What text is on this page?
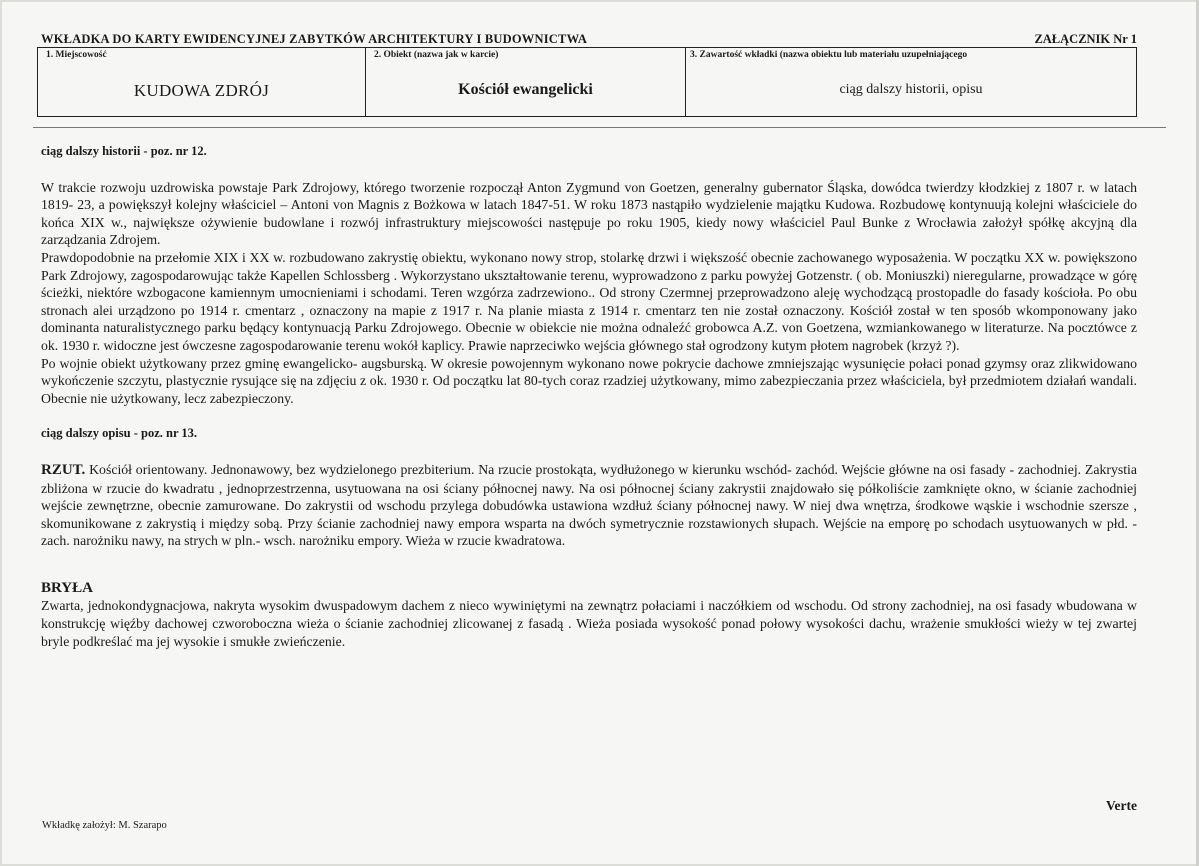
WKŁADKA DO KARTY EWIDENCYJNEJ ZABYTKÓW ARCHITEKTURY I BUDOWNICTWA	ZAŁĄCZNIK Nr 1
1. Miejscowość
KUDOWA ZDRÓJ
2. Obiekt (nazwa jak w karcie)
Kościół ewangelicki
3. Zawartość wkładki (nazwa obiektu lub materiału uzupełniającego
ciąg dalszy historii, opisu
ciąg dalszy historii - poz. nr 12.

W trakcie rozwoju uzdrowiska powstaje Park Zdrojowy, którego tworzenie rozpoczął Anton Zygmund von Goetzen, generalny gubernator Śląska, dowódca twierdzy kłodzkiej z 1807 r. w latach 1819- 23, a powiększył kolejny właściciel – Antoni von Magnis z Bożkowa w latach 1847-51. W roku 1873 nastąpiło wydzielenie majątku Kudowa. Rozbudowę kontynuują kolejni właściciele do końca XIX w., największe ożywienie budowlane i rozwój infrastruktury miejscowości następuje po roku 1905, kiedy nowy właściciel Paul Bunke z Wrocławia założył spółkę akcyjną dla zarządzania Zdrojem.

Prawdopodobnie na przełomie XIX i XX w. rozbudowano zakrystię obiektu, wykonano nowy strop, stolarkę drzwi i większość obecnie zachowanego wyposażenia. W początku XX w. powiększono Park Zdrojowy, zagospodarowując także Kapellen Schlossberg . Wykorzystano ukształtowanie terenu, wyprowadzono z parku powyżej Gotzenstr. ( ob. Moniuszki) nieregularne, prowadzące w górę ścieżki, niektóre wzbogacone kamiennym umocnieniami i schodami. Teren wzgórza zadrzewiono.. Od strony Czermnej przeprowadzono aleję wychodzącą prostopadle do fasady kościoła. Po obu stronach alei urządzono po 1914 r. cmentarz , oznaczony na mapie z 1917 r. Na planie miasta z 1914 r. cmentarz ten nie został oznaczony. Kościół został w ten sposób wkomponowany jako dominanta naturalistycznego parku będący kontynuacją Parku Zdrojowego. Obecnie w obiekcie nie można odnaleźć grobowca A.Z. von Goetzena, wzmiankowanego w literaturze. Na pocztówce z ok. 1930 r. widoczne jest ówczesne zagospodarowanie terenu wokół kaplicy. Prawie naprzeciwko wejścia głównego stał ogrodzony kutym płotem nagrobek (krzyż ?).

Po wojnie obiekt użytkowany przez gminę ewangelicko- augsburską. W okresie powojennym wykonano nowe pokrycie dachowe zmniejszając wysunięcie połaci ponad gzymsy oraz zlikwidowano wykończenie szczytu, plastycznie rysujące się na zdjęciu z ok. 1930 r. Od początku lat 80-tych coraz rzadziej użytkowany, mimo zabezpieczania przez właściciela, był przedmiotem działań wandali. Obecnie nie użytkowany, lecz zabezpieczony.

ciąg dalszy opisu - poz. nr 13.

RZUT. Kościół orientowany. Jednonawowy, bez wydzielonego prezbiterium. Na rzucie prostokąta, wydłużonego w kierunku wschód- zachód. Wejście główne na osi fasady - zachodniej. Zakrystia zbliżona w rzucie do kwadratu , jednoprzestrzenna, usytuowana na osi ściany północnej nawy. Na osi północnej ściany zakrystii znajdowało się półkoliście zamknięte okno, w ścianie zachodniej wejście zewnętrzne, obecnie zamurowane. Do zakrystii od wschodu przylega dobudówka ustawiona wzdłuż ściany północnej nawy. W niej dwa wnętrza, środkowe wąskie i wschodnie szersze , skomunikowane z zakrystią i między sobą. Przy ścianie zachodniej nawy empora wsparta na dwóch symetrycznie rozstawionych słupach. Wejście na emporę po schodach usytuowanych w płd. - zach. narożniku nawy, na strych w pln.- wsch. narożniku empory. Wieża w rzucie kwadratowa.

BRYŁA
Zwarta, jednokondygnacjowa, nakryta wysokim dwuspadowym dachem z nieco wywiniętymi na zewnątrz połaciami i naczółkiem od wschodu. Od strony zachodniej, na osi fasady wbudowana w konstrukcję więźby dachowej czworoboczna wieża o ścianie zachodniej zlicowanej z fasadą . Wieża posiada wysokość ponad połowy wysokości dachu, wrażenie smukłości wieży w tej zwartej bryle podkreślać ma jej wysokie i smukłe zwieńczenie.

Verte
Wkładkę założył: M. Szarapo
